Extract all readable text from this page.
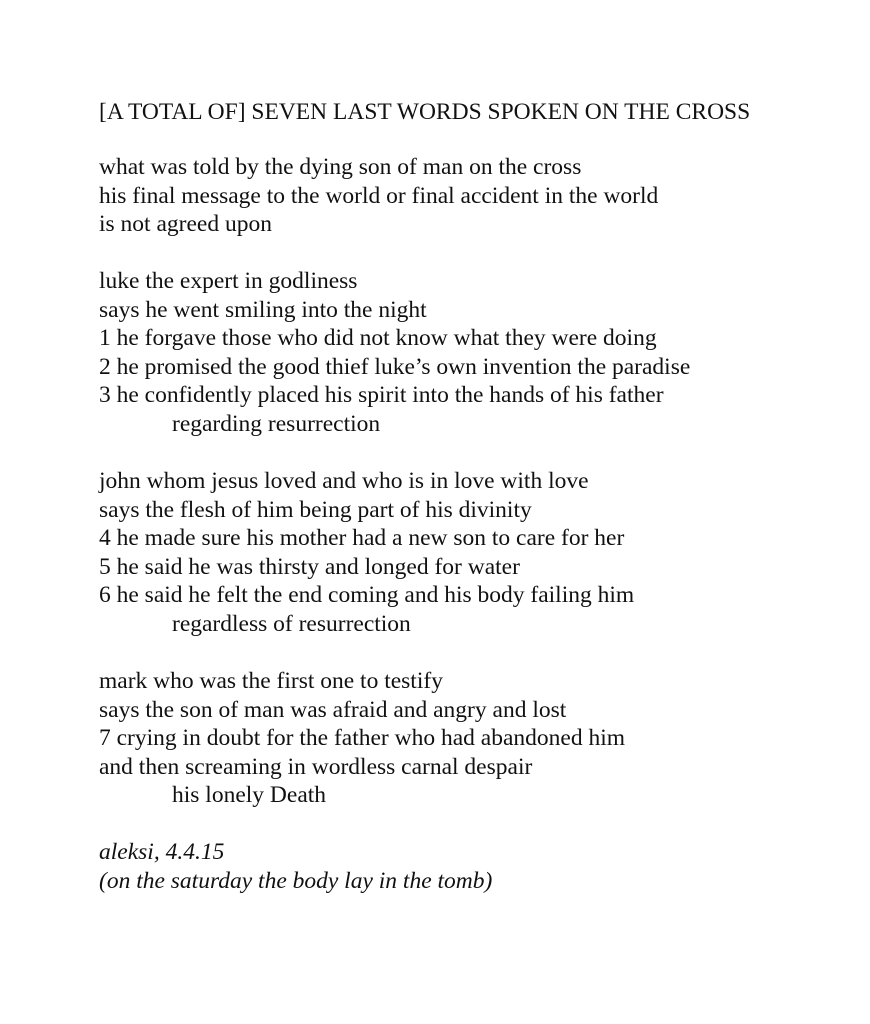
[A TOTAL OF] SEVEN LAST WORDS SPOKEN ON THE CROSS
what was told by the dying son of man on the cross
his final message to the world or final accident in the world
is not agreed upon
luke the expert in godliness
says he went smiling into the night
1 he forgave those who did not know what they were doing
2 he promised the good thief luke’s own invention the paradise
3 he confidently placed his spirit into the hands of his father
regarding resurrection
john whom jesus loved and who is in love with love
says the flesh of him being part of his divinity
4 he made sure his mother had a new son to care for her
5 he said he was thirsty and longed for water
6 he said he felt the end coming and his body failing him
regardless of resurrection
mark who was the first one to testify
says the son of man was afraid and angry and lost
7 crying in doubt for the father who had abandoned him
and then screaming in wordless carnal despair
his lonely Death
aleksi, 4.4.15
(on the saturday the body lay in the tomb)
